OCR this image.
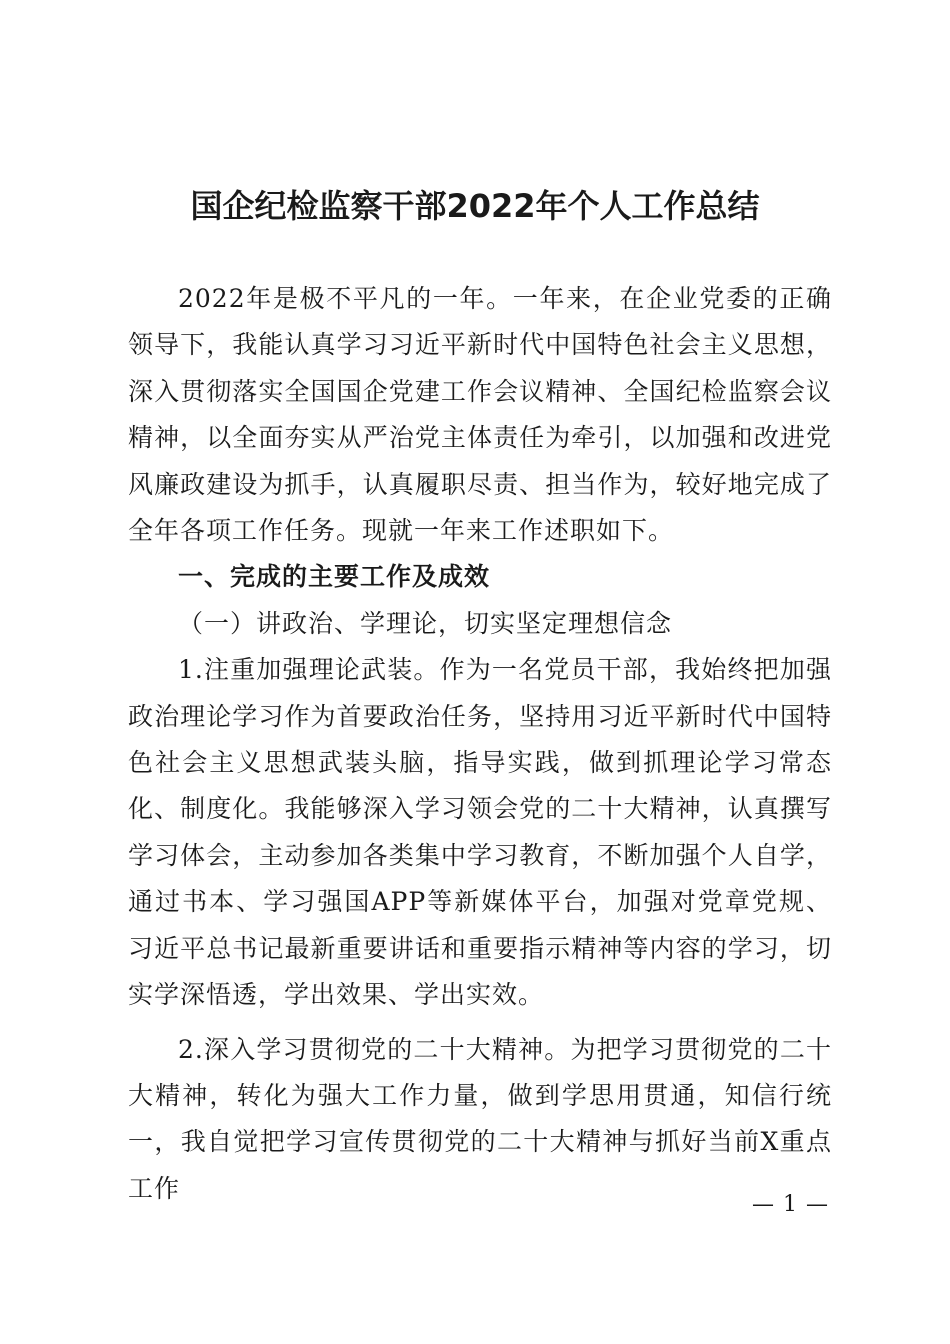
国企纪检监察干部2022年个人工作总结

2022年是极不平凡的一年。一年来，在企业党委的正确领导下，我能认真学习习近平新时代中国特色社会主义思想，深入贯彻落实全国国企党建工作会议精神、全国纪检监察会议精神，以全面夯实从严治党主体责任为牵引，以加强和改进党风廉政建设为抓手，认真履职尽责、担当作为，较好地完成了全年各项工作任务。现就一年来工作述职如下。

一、完成的主要工作及成效

（一）讲政治、学理论，切实坚定理想信念

1.注重加强理论武装。作为一名党员干部，我始终把加强政治理论学习作为首要政治任务，坚持用习近平新时代中国特色社会主义思想武装头脑，指导实践，做到抓理论学习常态化、制度化。我能够深入学习领会党的二十大精神，认真撰写学习体会，主动参加各类集中学习教育，不断加强个人自学，通过书本、学习强国APP等新媒体平台，加强对党章党规、习近平总书记最新重要讲话和重要指示精神等内容的学习，切实学深悟透，学出效果、学出实效。

2.深入学习贯彻党的二十大精神。为把学习贯彻党的二十大精神，转化为强大工作力量，做到学思用贯通，知信行统一，我自觉把学习宣传贯彻党的二十大精神与抓好当前X重点工作

— 1 —
